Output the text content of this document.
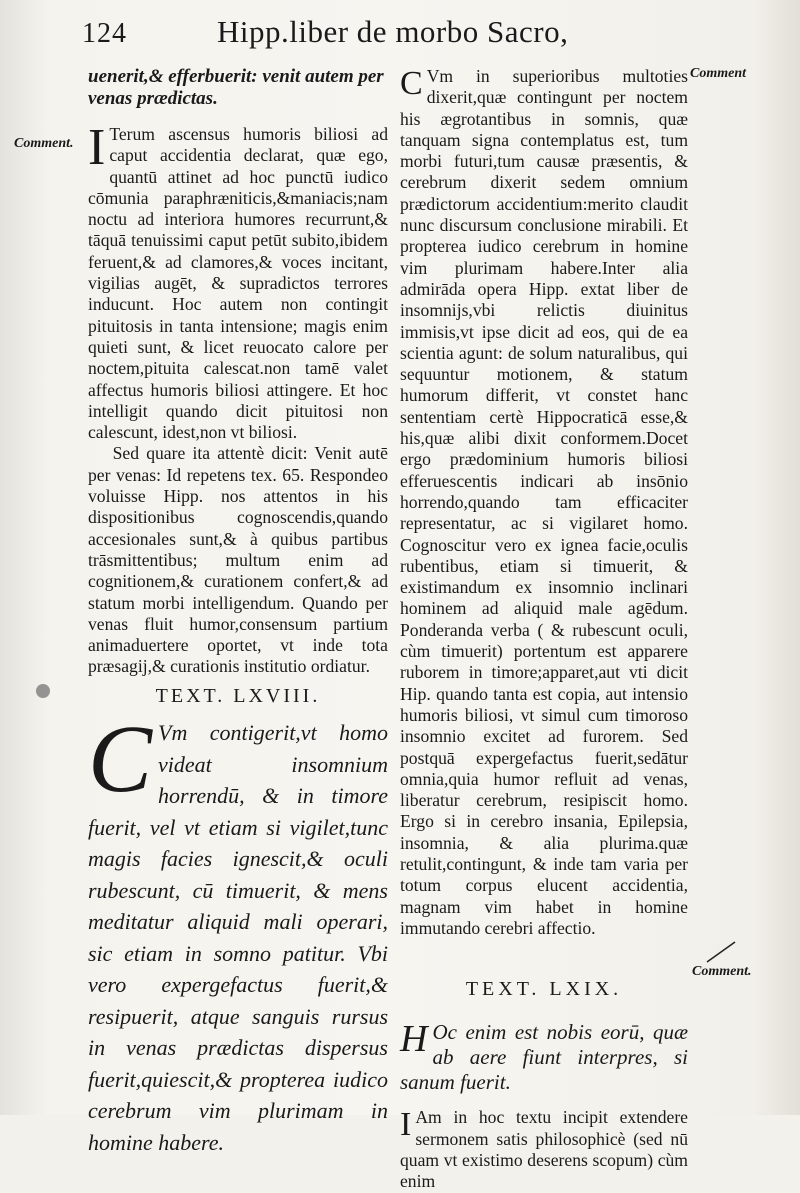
124	Hipp.liber de morbo Sacro,
Comment.
Comment
Comment.
uenerit,& efferbuerit: venit autem per venas prædictas.

I Terum ascensus humoris biliosi ad caput accidentia declarat, quæ ego, quantū attinet ad hoc punctū iudico cōmunia paraphræniticis,&maniacis;nam noctu ad interiora humores recurrunt,& tāquā tenuissimi caput petūt subito,ibidem feruent,& ad clamores,& voces incitant, vigilias augēt, & supradictos terrores inducunt. Hoc autem non contingit pituitosis in tanta intensione; magis enim quieti sunt, & licet reuocato calore per noctem,pituita calescat.non tamē valet affectus humoris biliosi attingere. Et hoc intelligit quando dicit pituitosi non calescunt, idest,non vt biliosi.

Sed quare ita attentè dicit: Venit autē per venas: Id repetens tex. 65. Respondeo voluisse Hipp. nos attentos in his dispositionibus cognoscendis,quando accesionales sunt,& à quibus partibus trāsmittentibus; multum enim ad cognitionem,& curationem confert,& ad statum morbi intelligendum. Quando per venas fluit humor,consensum partium animaduertere oportet, vt inde tota præsagij,& curationis institutio ordiatur.

TEXT. LXVIII.
C Vm contigerit,vt homo videat insomnium horrendū, & in timore fuerit, vel vt etiam si vigilet,tunc magis facies ignescit,& oculi rubescunt, cū timuerit, & mens meditatur aliquid mali operari, sic etiam in somno patitur. Vbi vero expergefactus fuerit,& resipuerit, atque sanguis rursus in venas prædictas dispersus fuerit,quiescit,& propterea iudico cerebrum vim plurimam in homine habere.

C Vm in superioribus multoties dixerit,quæ contingunt per noctem his ægrotantibus in somnis, quæ tanquam signa contemplatus est, tum morbi futuri,tum causæ præsentis, & cerebrum dixerit sedem omnium prædictorum accidentium:merito claudit nunc discursum conclusione mirabili. Et propterea iudico cerebrum in homine vim plurimam habere.Inter alia admirāda opera Hipp. extat liber de insomnijs,vbi relictis diuinitus immisis,vt ipse dicit ad eos, qui de ea scientia agunt: de solum naturalibus, qui sequuntur motionem, & statum humorum differit, vt constet hanc sententiam certè Hippocraticā esse,& his,quæ alibi dixit conformem.Docet ergo prædominium humoris biliosi efferuescentis indicari ab insōnio horrendo,quando tam efficaciter representatur, ac si vigilaret homo. Cognoscitur vero ex ignea facie,oculis rubentibus, etiam si timuerit, & existimandum ex insomnio inclinari hominem ad aliquid male agēdum. Ponderanda verba ( & rubescunt oculi, cùm timuerit) portentum est apparere ruborem in timore;apparet,aut vti dicit Hip. quando tanta est copia, aut intensio humoris biliosi, vt simul cum timoroso insomnio excitet ad furorem. Sed postquā expergefactus fuerit,sedātur omnia,quia humor refluit ad venas, liberatur cerebrum, resipiscit homo. Ergo si in cerebro insania, Epilepsia, insomnia, & alia plurima.quæ retulit,contingunt, & inde tam varia per totum corpus elucent accidentia, magnam vim habet in homine immutando cerebri affectio.

TEXT. LXIX.
H Oc enim est nobis eorū, quæ ab aere fiunt interpres, si sanum fuerit.

I Am in hoc textu incipit extendere sermonem satis philosophicè (sed nū quam vt existimo deserens scopum) cùm enim
